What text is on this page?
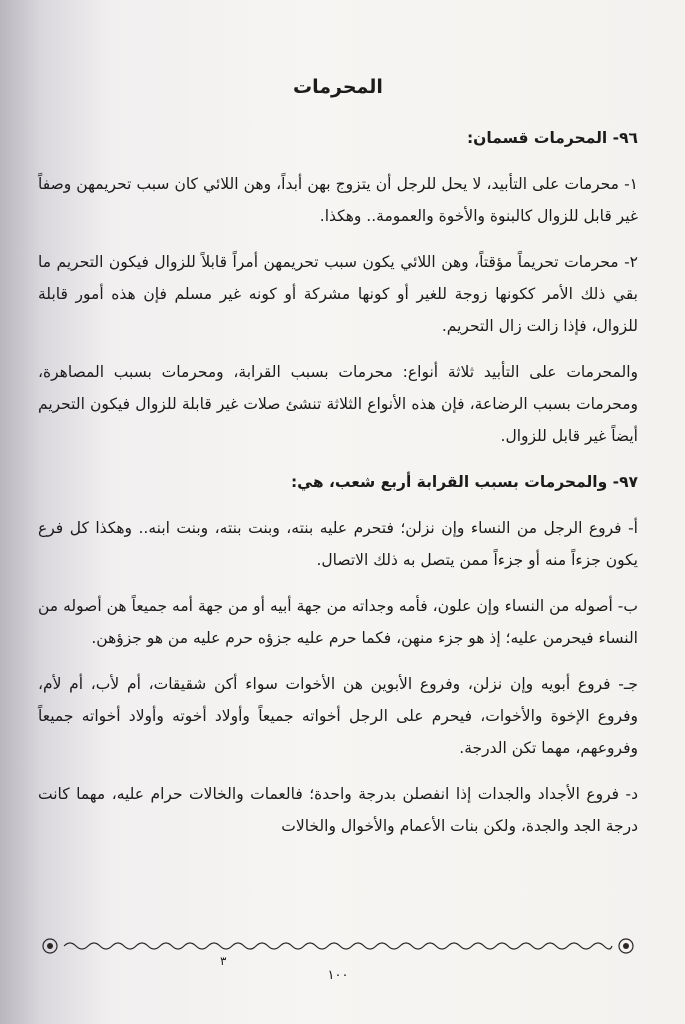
المحرمات

٩٦- المحرمات قسمان:

١- محرمات على التأبيد، لا يحل للرجل أن يتزوج بهن أبداً، وهن اللائي كان سبب تحريمهن وصفاً غير قابل للزوال كالبنوة والأخوة والعمومة.. وهكذا.

٢- محرمات تحريماً مؤقتاً، وهن اللائي يكون سبب تحريمهن أمراً قابلاً للزوال فيكون التحريم ما بقي ذلك الأمر ككونها زوجة للغير أو كونها مشركة أو كونه غير مسلم فإن هذه أمور قابلة للزوال، فإذا زالت زال التحريم.

والمحرمات على التأبيد ثلاثة أنواع: محرمات بسبب القرابة، ومحرمات بسبب المصاهرة، ومحرمات بسبب الرضاعة، فإن هذه الأنواع الثلاثة تنشئ صلات غير قابلة للزوال فيكون التحريم أيضاً غير قابل للزوال.

٩٧- والمحرمات بسبب القرابة أربع شعب، هي:

أ- فروع الرجل من النساء وإن نزلن؛ فتحرم عليه بنته، وبنت بنته، وبنت ابنه.. وهكذا كل فرع يكون جزءاً منه أو جزءاً ممن يتصل به ذلك الاتصال.

ب- أصوله من النساء وإن علون، فأمه وجداته من جهة أبيه أو من جهة أمه جميعاً هن أصوله من النساء فيحرمن عليه؛ إذ هو جزء منهن، فكما حرم عليه جزؤه حرم عليه من هو جزؤهن.

جـ- فروع أبويه وإن نزلن، وفروع الأبوين هن الأخوات سواء أكن شقيقات، أم لأب، أم لأم، وفروع الإخوة والأخوات، فيحرم على الرجل أخواته جميعاً وأولاد أخوته وأولاد أخواته جميعاً وفروعهم، مهما تكن الدرجة.

د- فروع الأجداد والجدات إذا انفصلن بدرجة واحدة؛ فالعمات والخالات حرام عليه، مهما كانت درجة الجد والجدة، ولكن بنات الأعمام والأخوال والخالات

٣
١٠٠
